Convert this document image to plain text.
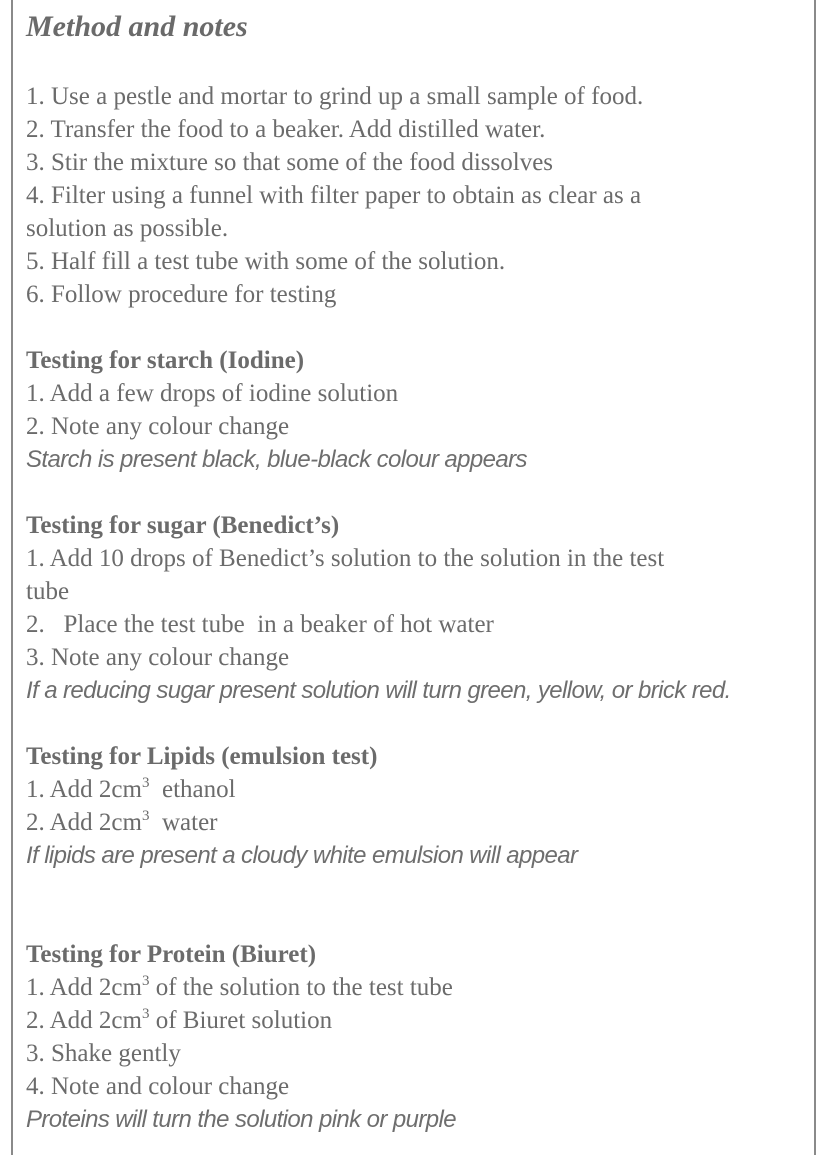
Method and notes

1. Use a pestle and mortar to grind up a small sample of food.

2. Transfer the food to a beaker. Add distilled water.

3. Stir the mixture so that some of the food dissolves

4. Filter using a funnel with filter paper to obtain as clear as a

solution as possible.

5. Half fill a test tube with some of the solution.

6. Follow procedure for testing

Testing for starch (Iodine)

1. Add a few drops of iodine solution

2. Note any colour change

Starch is present black, blue-black colour appears

Testing for sugar (Benedict’s)

1. Add 10 drops of Benedict’s solution to the solution in the test

tube

2.   Place the test tube  in a beaker of hot water

3. Note any colour change

If a reducing sugar present solution will turn green, yellow, or brick red.

Testing for Lipids (emulsion test)

1. Add $2cm^3$  ethanol

2. Add $2cm^3$  water

If lipids are present a cloudy white emulsion will appear

Testing for Protein (Biuret)

1. Add $2cm^3$ of the solution to the test tube

2. Add $2cm^3$ of Biuret solution

3. Shake gently

4. Note and colour change

Proteins will turn the solution pink or purple
